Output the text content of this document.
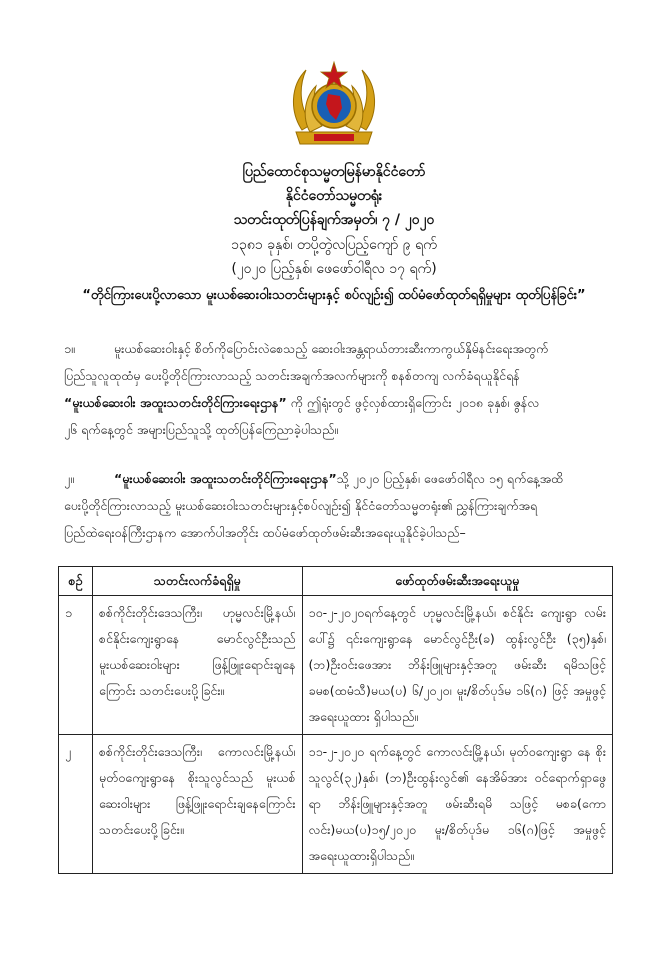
ပြည်ထောင်စုသမ္မတမြန်မာနိုင်ငံတော်
နိုင်ငံတော်သမ္မတရုံး
သတင်းထုတ်ပြန်ချက်အမှတ်၊ ၇ / ၂၀၂၀
၁၃၈၁ ခုနှစ်၊ တပို့တွဲလပြည့်ကျော် ၉ ရက်
(၂၀၂၀ ပြည့်နှစ်၊ ဖေဖော်ဝါရီလ ၁၇ ရက်)
“တိုင်ကြားပေးပို့လာသော မူးယစ်ဆေးဝါးသတင်းများနှင့် စပ်လျဉ်း၍ ထပ်မံဖော်ထုတ်ရရှိမှုများ ထုတ်ပြန်ခြင်း”
၁။	မူးယစ်ဆေးဝါးနှင့် စိတ်ကိုပြောင်းလဲစေသည့် ဆေးဝါးအန္တရာယ်တားဆီးကာကွယ်နှိမ်နင်းရေးအတွက်
ပြည်သူလူထုထံမှ ပေးပို့တိုင်ကြားလာသည့် သတင်းအချက်အလက်များကို စနစ်တကျ လက်ခံရယူနိုင်ရန်
“မူးယစ်ဆေးဝါး အထူးသတင်းတိုင်ကြားရေးဌာန” ကို ဤရုံးတွင် ဖွင့်လှစ်ထားရှိကြောင်း ၂၀၁၈ ခုနှစ်၊ ဇွန်လ
၂၆ ရက်နေ့တွင် အများပြည်သူသို့ ထုတ်ပြန်ကြေညာခဲ့ပါသည်။
၂။	“မူးယစ်ဆေးဝါး အထူးသတင်းတိုင်ကြားရေးဌာန”သို့ ၂၀၂၀ ပြည့်နှစ်၊ ဖေဖော်ဝါရီလ ၁၅ ရက်နေ့အထိ
ပေးပို့တိုင်ကြားလာသည့် မူးယစ်ဆေးဝါးသတင်းများနှင့်စပ်လျဉ်း၍ နိုင်ငံတော်သမ္မတရုံး၏ ညွှန်ကြားချက်အရ
ပြည်ထဲရေးဝန်ကြီးဌာနက အောက်ပါအတိုင်း ထပ်မံဖော်ထုတ်ဖမ်းဆီးအရေးယူနိုင်ခဲ့ပါသည်–
စဉ်	သတင်းလက်ခံရရှိမှု	ဖော်ထုတ်ဖမ်းဆီးအရေးယူမှု
၁	စစ်ကိုင်းတိုင်းဒေသကြီး၊ ဟုမ္မလင်းမြို့နယ်၊ စင်နိုင်းကျေးရွာနေ မောင်လွင်ဦးသည် မူးယစ်ဆေးဝါးများ ဖြန့်ဖြူးရောင်းချနေကြောင်း သတင်းပေးပို့ခြင်း။	၁၀-၂-၂၀၂၀ရက်နေ့တွင် ဟုမ္မလင်းမြို့နယ်၊ စင်နိုင်း ကျေးရွာ လမ်းပေါ်၌ ၎င်းကျေးရွာနေ မောင်လွင်ဦး(ခ) ထွန်းလွင်ဦး (၃၅)နှစ်၊ (ဘ)ဦးဝင်းဖေအား ဘိန်းဖြူများနှင့်အတူ ဖမ်းဆီး ရမိသဖြင့် ခမစ(ထမံသီ)မယ(ပ) ၆/၂၀၂၀၊ မူး/စိတ်ပုဒ်မ ၁၆(ဂ) ဖြင့် အမှုဖွင့်အရေးယူထား ရှိပါသည်။
၂	စစ်ကိုင်းတိုင်းဒေသကြီး၊ ကောလင်းမြို့နယ်၊ မုတ်ဝကျေးရွာနေ စိုးသူလွင်သည် မူးယစ် ဆေးဝါးများ ဖြန့်ဖြူးရောင်းချနေကြောင်း သတင်းပေးပို့ခြင်း။	၁၁-၂-၂၀၂၀ ရက်နေ့တွင် ကောလင်းမြို့နယ်၊ မုတ်ဝကျေးရွာ နေ စိုးသူလွင်(၃၂)နှစ်၊ (ဘ)ဦးထွန်းလွင်၏ နေအိမ်အား ဝင်ရောက်ရှာဖွေရာ ဘိန်းဖြူများနှင့်အတူ ဖမ်းဆီးရမိ သဖြင့် မစခ(ကောလင်း)မယ(ပ)၁၅/၂၀၂၀ မူး/စိတ်ပုဒ်မ ၁၆(ဂ)ဖြင့် အမှုဖွင့် အရေးယူထားရှိပါသည်။
